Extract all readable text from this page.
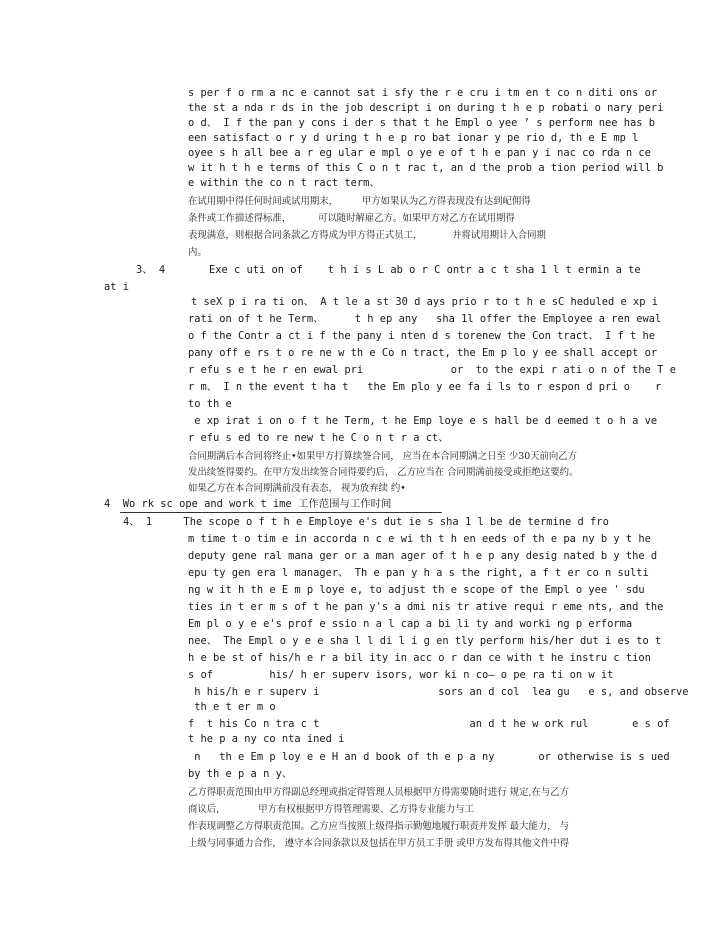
s per f o rm a nc e cannot sat i sfy the r e cru i tm en t co n diti ons or
the st a nda r ds in the job descript i on during t h e p robati o nary peri
o d、 I f the pan y cons i der s that t he Empl o yee ’ s perform nee has b
een satisfact o r y d uring t h e p ro bat ionar y pe rio d, th e E mp l
oyee s h all bee a r eg ular e mpl o ye e of t h e pan y i nac co rda n ce
w it h t h e terms of this C o n t rac t, an d the prob a tion period will b
e within the co n t ract term、
在试用期中得任何时间或试用期末，        甲方如果认为乙方得表现没有达到屺佣得
条件或工作描述得标准，         可以随时解雇乙方。如果甲方对乙方在试用期得
表现满意，则根据合同条款乙方得成为甲方得正式员工，          并将试用期计入合同期
内。
3、 4       Exe c uti on of    t h i s L ab o r C ontr a c t sha 1 l t ermin a te
at i
t seX p i ra ti on、 A t le a st 30 d ays prio r to t h e sC heduled e xp i
rati on of t he Term、     t h ep any   sha 1l offer the Employee a ren ewal
o f the Contr a ct i f the pany i nten d s torenew the Con tract、 I f t he
pany off e rs t o re ne w th e Co n tract, the Em p lo y ee shall accept or
r efu s e t he r en ewal pri              or  to the expi r ati o n of the T e
r m、 I n the event t ha t   the Em plo y ee fa i ls to r espon d pri o    r
to th e
e xp irat i on o f t he Term, t he Emp loye e s hall be d eemed t o h a ve
r efu s ed to re new t he C o n t r a ct、
合同期满后本合同将终止•如果甲方打算续签合同， 应当在本合同期满之日至 少30天前向乙方
发出续签得要约。在甲方发出续签合同得要约后， 乙方应当在 合同期满前接受或拒绝这要约。
如果乙方在本合同期满前没有表态， 视为放弃续 约•
4  Wo rk sc ope and work t ime 工作范围与工作时间
4、 1     The scope o f t h e Employe e's dut ie s sha 1 l be de termine d fro
m time t o tim e in accorda n c e wi th t h en eeds of th e pa ny b y t he
deputy gene ral mana ger or a man ager of t h e p any desig nated b y the d
epu ty gen era l manager、 Th e pan y h a s the right, a f t er co n sulti
ng w it h th e E m p loye e, to adjust th e scope of the Empl o yee ' sdu
ties in t er m s of t he pan y's a dmi nis tr ative requi r eme nts, and the
Em pl o y e e's prof e ssio n a l cap a bi li ty and worki ng p erforma
nee、 The Empl o y e e sha l l di l i g en tly perform his/her dut i es to t
h e be st of his/h e r a bil ity in acc o r dan ce with t he instru c tion
s of         his/ h er superv isors, wor ki n co— o pe ra ti on w it
h his/h e r superv i                   sors an d col  lea gu   e s, and observe
th e t er m o
f  t his Co n tra c t                        an d t he w ork rul       e s of
t he p a ny co nta ined i
n   th e Em p loy e e H an d book of th e p a ny       or otherwise is s ued
by th e p a n y、
乙方得职责范围由甲方得副总经理或指定得管理人员根据甲方得需要随时进行 规定,在与乙方
商议后，           甲方有权根据甲方得管理需要、乙方得专业能力与工
作表现调整乙方得职责范围。乙方应当按照上级得指示勤勉地履行职责并发挥 最大能力， 与
上级与同事通力合作， 遵守本合同条款以及包括在甲方员工手册 或甲方发布得其他文件中得
